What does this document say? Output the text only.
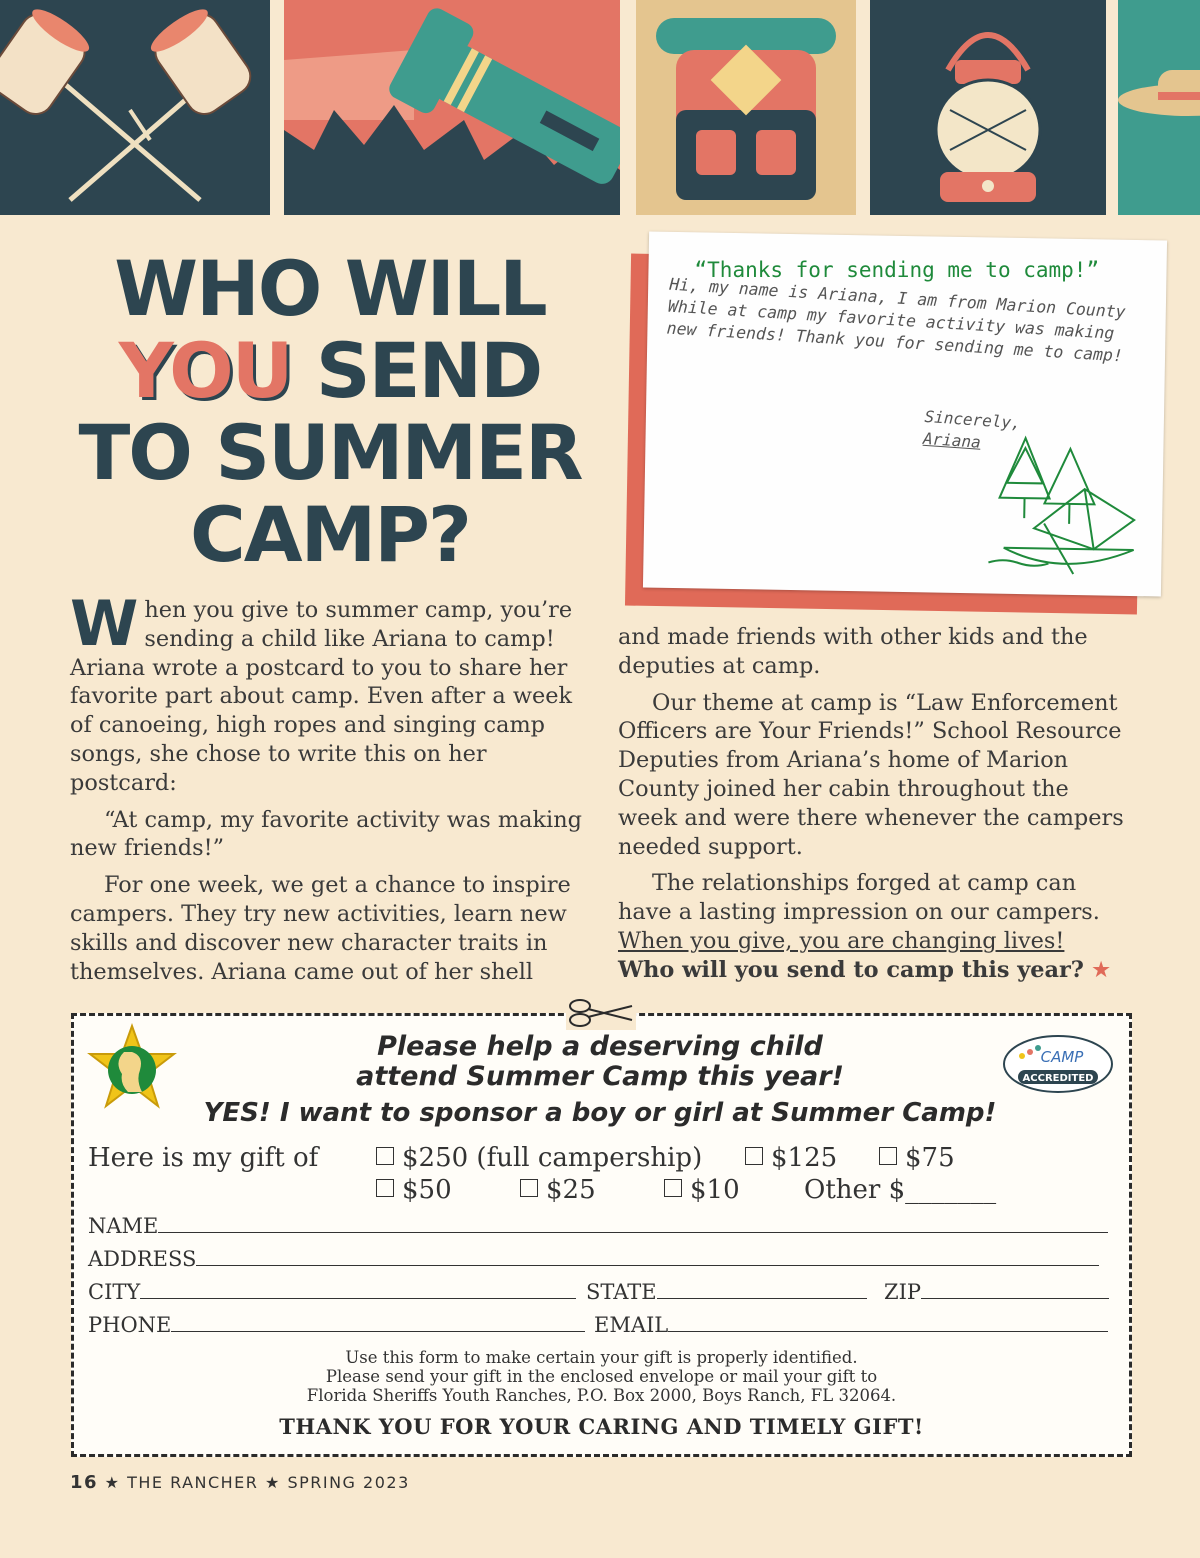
WHO WILL
YOU SEND
TO SUMMER
CAMP?
“Thanks for sending me to camp!”
Hi, my name is Ariana, I am from Marion County While at camp my favorite activity was making new friends! Thank you for sending me to camp!
Sincerely,
Ariana

When you give to summer camp, you’re sending a child like Ariana to camp! Ariana wrote a postcard to you to share her favorite part about camp. Even after a week of canoeing, high ropes and singing camp songs, she chose to write this on her postcard:

“At camp, my favorite activity was making new friends!”

For one week, we get a chance to inspire campers. They try new activities, learn new skills and discover new character traits in themselves. Ariana came out of her shell

and made friends with other kids and the deputies at camp.

Our theme at camp is “Law Enforcement Officers are Your Friends!” School Resource Deputies from Ariana’s home of Marion County joined her cabin throughout the week and were there whenever the campers needed support.

The relationships forged at camp can have a lasting impression on our campers. When you give, you are changing lives!

Who will you send to camp this year? ★
CAMP
ACCREDITED
Please help a deserving child
attend Summer Camp this year!
YES! I want to sponsor a boy or girl at Summer Camp!
Here is my gift of	$250 (full campership)	$125	$75
$50	$25	$10 Other $_______
NAME
ADDRESS
CITY	STATE	ZIP
PHONE	EMAIL
Use this form to make certain your gift is properly identified.
Please send your gift in the enclosed envelope or mail your gift to
Florida Sheriffs Youth Ranches, P.O. Box 2000, Boys Ranch, FL 32064.
THANK YOU FOR YOUR CARING AND TIMELY GIFT!
16 ★ THE RANCHER ★ SPRING 2023
